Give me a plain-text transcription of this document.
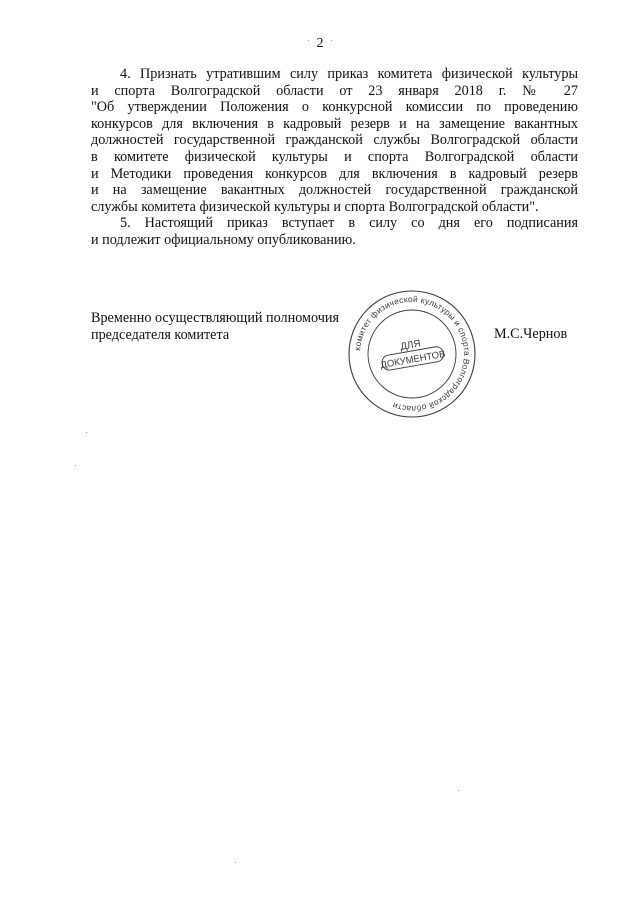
2
4. Признать утратившим силу приказ комитета физической культуры
и спорта Волгоградской области от 23 января 2018 г. № 27
"Об утверждении Положения о конкурсной комиссии по проведению
конкурсов для включения в кадровый резерв и на замещение вакантных
должностей государственной гражданской службы Волгоградской области
в комитете физической культуры и спорта Волгоградской области
и Методики проведения конкурсов для включения в кадровый резерв
и на замещение вакантных должностей государственной гражданской
службы комитета физической культуры и спорта Волгоградской области".
5. Настоящий приказ вступает в силу со дня его подписания
и подлежит официальному опубликованию.
Временно осуществляющий полномочия
председателя комитета
комитет физической культуры и спорта Волгоградской области
ДЛЯ
ДОКУМЕНТОВ
М.С.Чернов
